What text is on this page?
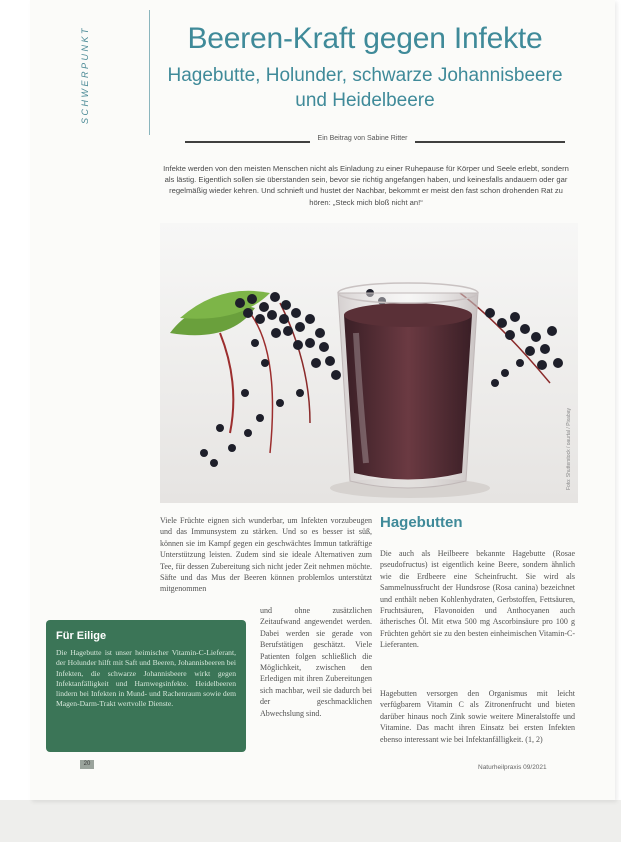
SCHWERPUNKT	Beeren-Kraft gegen Infekte
Hagebutte, Holunder, schwarze Johannisbeere und Heidelbeere
Ein Beitrag von Sabine Ritter
Infekte werden von den meisten Menschen nicht als Einladung zu einer Ruhepause für Körper und Seele erlebt, sondern als lästig. Eigentlich sollen sie überstanden sein, bevor sie richtig angefangen haben, und keinesfalls andauern oder gar regelmäßig wieder kehren. Und schnieft und hustet der Nachbar, bekommt er meist den fast schon drohenden Rat zu hören: „Steck mich bloß nicht an!“
Foto: Shutterstock / oaurtal / Pixabay
Viele Früchte eignen sich wunderbar, um Infekten vorzubeugen und das Immunsystem zu stärken. Und so es besser ist süß, können sie im Kampf gegen ein geschwächtes Immun tatkräftige Unterstützung leisten. Zudem sind sie ideale Alternativen zum Tee, für dessen Zubereitung sich nicht jeder Zeit nehmen möchte. Säfte und das Mus der Beeren können problemlos unterstützt mitgenommen
und ohne zusätzlichen Zeitaufwand angewendet werden. Dabei werden sie gerade von Berufstätigen geschätzt. Viele Patienten folgen schließlich die Möglichkeit, zwischen den Erledigen mit ihren Zubereitungen sich machbar, weil sie dadurch bei der geschmacklichen Abwechslung sind.
Hagebutten
Die auch als Heilbeere bekannte Hagebutte (Rosae pseudofructus) ist eigentlich keine Beere, sondern ähnlich wie die Erdbeere eine Scheinfrucht. Sie wird als Sammelnussfrucht der Hundsrose (Rosa canina) bezeichnet und enthält neben Kohlenhydraten, Gerbstoffen, Fettsäuren, Fruchtsäuren, Flavonoiden und Anthocyanen auch ätherisches Öl. Mit etwa 500 mg Ascorbinsäure pro 100 g Früchten gehört sie zu den besten einheimischen Vitamin-C-Lieferanten.
Hagebutten versorgen den Organismus mit leicht verfügbarem Vitamin C als Zitronenfrucht und bieten darüber hinaus noch Zink sowie weitere Mineralstoffe und Vitamine. Das macht ihren Einsatz bei ersten Infekten ebenso interessant wie bei Infektanfälligkeit. (1, 2)
Für Eilige
Die Hagebutte ist unser heimischer Vitamin-C-Lieferant, der Holunder hilft mit Saft und Beeren, Johannisbeeren bei Infekten, die schwarze Johannisbeere wirkt gegen Infektanfälligkeit und Harnwegsinfekte. Heidelbeeren lindern bei Infekten in Mund- und Rachenraum sowie dem Magen-Darm-Trakt wertvolle Dienste.
20	Naturheilpraxis 09/2021
